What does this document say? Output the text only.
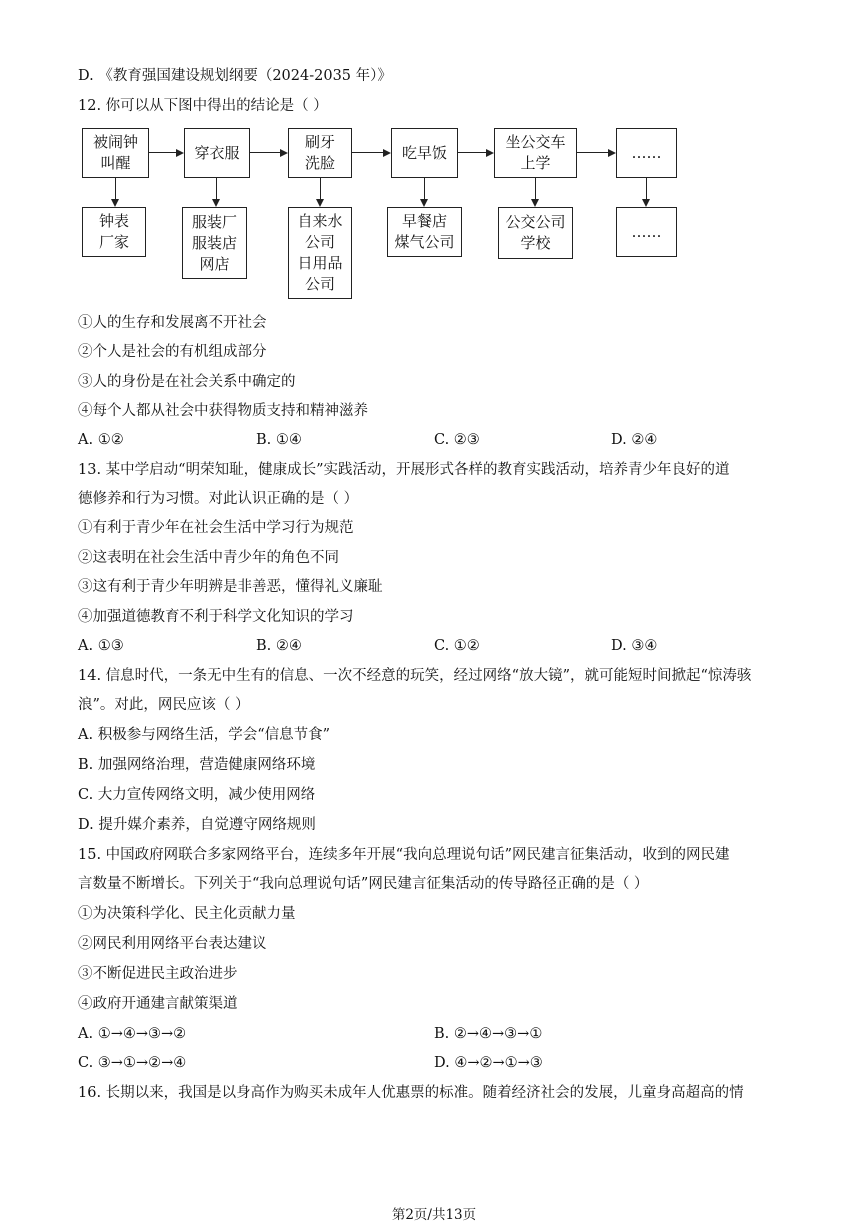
D. 《教育强国建设规划纲要（2024-2035 年）》
12. 你可以从下图中得出的结论是（ ）
被闹钟
叫醒
穿衣服
刷牙
洗脸
吃早饭
坐公交车
上学
……
钟表
厂家
服装厂
服装店
网店
自来水
公司
日用品
公司
早餐店
煤气公司
公交公司
学校
……
①人的生存和发展离不开社会
②个人是社会的有机组成部分
③人的身份是在社会关系中确定的
④每个人都从社会中获得物质支持和精神滋养
A. ①②	B. ①④	C. ②③	D. ②④
13. 某中学启动“明荣知耻，健康成长”实践活动，开展形式各样的教育实践活动，培养青少年良好的道
德修养和行为习惯。对此认识正确的是（ ）
①有利于青少年在社会生活中学习行为规范
②这表明在社会生活中青少年的角色不同
③这有利于青少年明辨是非善恶，懂得礼义廉耻
④加强道德教育不利于科学文化知识的学习
A. ①③	B. ②④	C. ①②	D. ③④
14. 信息时代，一条无中生有的信息、一次不经意的玩笑，经过网络“放大镜”，就可能短时间掀起“惊涛骇
浪”。对此，网民应该（ ）
A. 积极参与网络生活，学会“信息节食”
B. 加强网络治理，营造健康网络环境
C. 大力宣传网络文明，减少使用网络
D. 提升媒介素养，自觉遵守网络规则
15. 中国政府网联合多家网络平台，连续多年开展“我向总理说句话”网民建言征集活动，收到的网民建
言数量不断增长。下列关于“我向总理说句话”网民建言征集活动的传导路径正确的是（ ）
①为决策科学化、民主化贡献力量
②网民利用网络平台表达建议
③不断促进民主政治进步
④政府开通建言献策渠道
A. ①→④→③→②	B. ②→④→③→①
C. ③→①→②→④	D. ④→②→①→③
16. 长期以来，我国是以身高作为购买未成年人优惠票的标准。随着经济社会的发展，儿童身高超高的情
第2页/共13页
